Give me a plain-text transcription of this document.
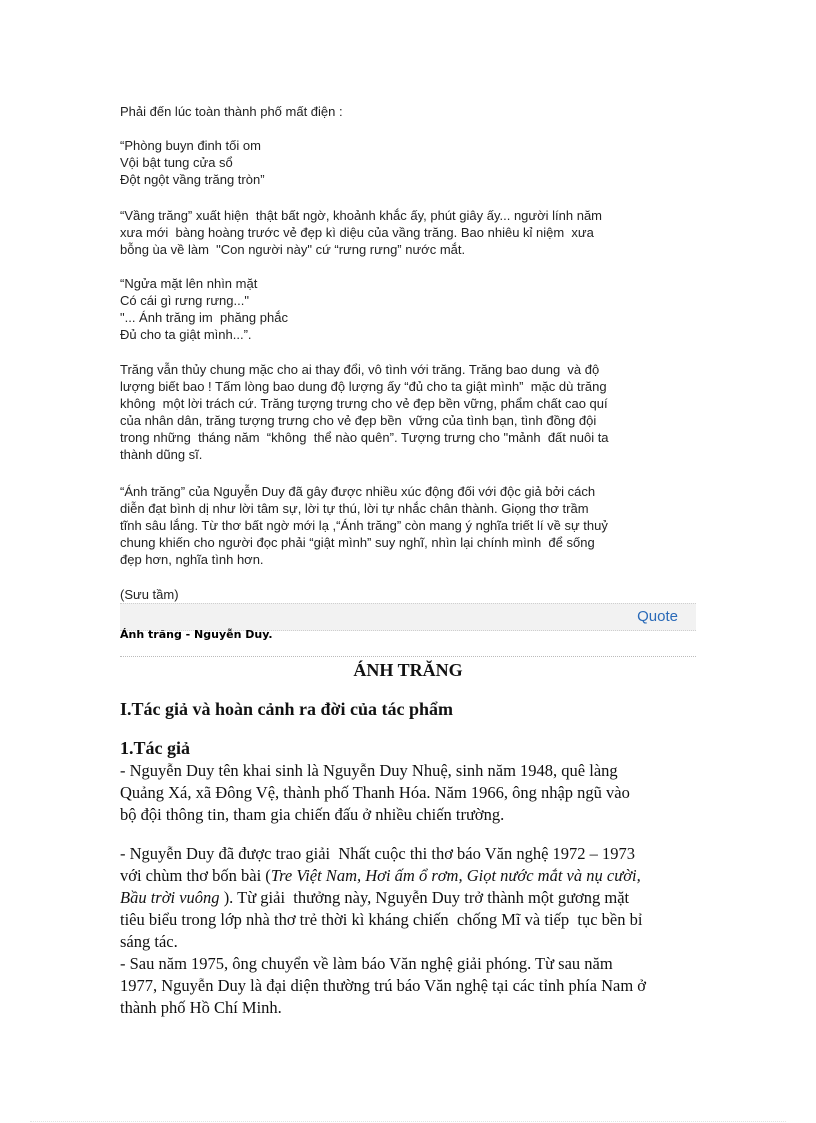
Phải đến lúc toàn thành phố mất điện :
“Phòng buyn đinh tối om
Vội bật tung cửa sổ
Đột ngột vầng trăng tròn”
“Vầng trăng” xuất hiện  thật bất ngờ, khoảnh khắc ấy, phút giây ấy... người lính năm
xưa mới  bàng hoàng trước vẻ đẹp kì diệu của vầng trăng. Bao nhiêu kỉ niệm  xưa
bỗng ùa về làm  "Con người này" cứ “rưng rưng” nước mắt.
“Ngửa mặt lên nhìn mặt
Có cái gì rưng rưng..."
"... Ánh trăng im  phăng phắc
Đủ cho ta giật mình...”.
Trăng vẫn thủy chung mặc cho ai thay đổi, vô tình với trăng. Trăng bao dung  và độ
lượng biết bao ! Tấm lòng bao dung độ lượng ấy “đủ cho ta giật mình”  mặc dù trăng
không  một lời trách cứ. Trăng tượng trưng cho vẻ đẹp bền vững, phẩm chất cao quí
của nhân dân, trăng tượng trưng cho vẻ đẹp bền  vững của tình bạn, tình đồng đội
trong những  tháng năm  “không  thể nào quên”. Tượng trưng cho "mảnh  đất nuôi ta
thành dũng sĩ.
“Ánh trăng” của Nguyễn Duy đã gây được nhiều xúc động đối với độc giả bởi cách
diễn đạt bình dị như lời tâm sự, lời tự thú, lời tự nhắc chân thành. Giọng thơ trầm
tĩnh sâu lắng. Từ thơ bất ngờ mới lạ ,“Ánh trăng” còn mang ý nghĩa triết lí về sự thuỷ
chung khiến cho người đọc phải “giật mình” suy nghĩ, nhìn lại chính mình  để sống
đẹp hơn, nghĩa tình hơn.
(Sưu tầm)
Quote
Ánh trăng - Nguyễn Duy.
ÁNH TRĂNG
I.Tác giả và hoàn cảnh ra đời của tác phẩm
1.Tác giả
- Nguyễn Duy tên khai sinh là Nguyễn Duy Nhuệ, sinh năm 1948, quê làng
Quảng Xá, xã Đông Vệ, thành phố Thanh Hóa. Năm 1966, ông nhập ngũ vào
bộ đội thông tin, tham gia chiến đấu ở nhiều chiến trường.
- Nguyễn Duy đã được trao giải  Nhất cuộc thi thơ báo Văn nghệ 1972 – 1973
với chùm thơ bốn bài (Tre Việt Nam, Hơi ấm ổ rơm, Giọt nước mắt và nụ cười,
Bầu trời vuông ). Từ giải  thưởng này, Nguyễn Duy trở thành một gương mặt
tiêu biểu trong lớp nhà thơ trẻ thời kì kháng chiến  chống Mĩ và tiếp  tục bền bỉ
sáng tác.
- Sau năm 1975, ông chuyển về làm báo Văn nghệ giải phóng. Từ sau năm
1977, Nguyễn Duy là đại diện thường trú báo Văn nghệ tại các tỉnh phía Nam ở
thành phố Hồ Chí Minh.
